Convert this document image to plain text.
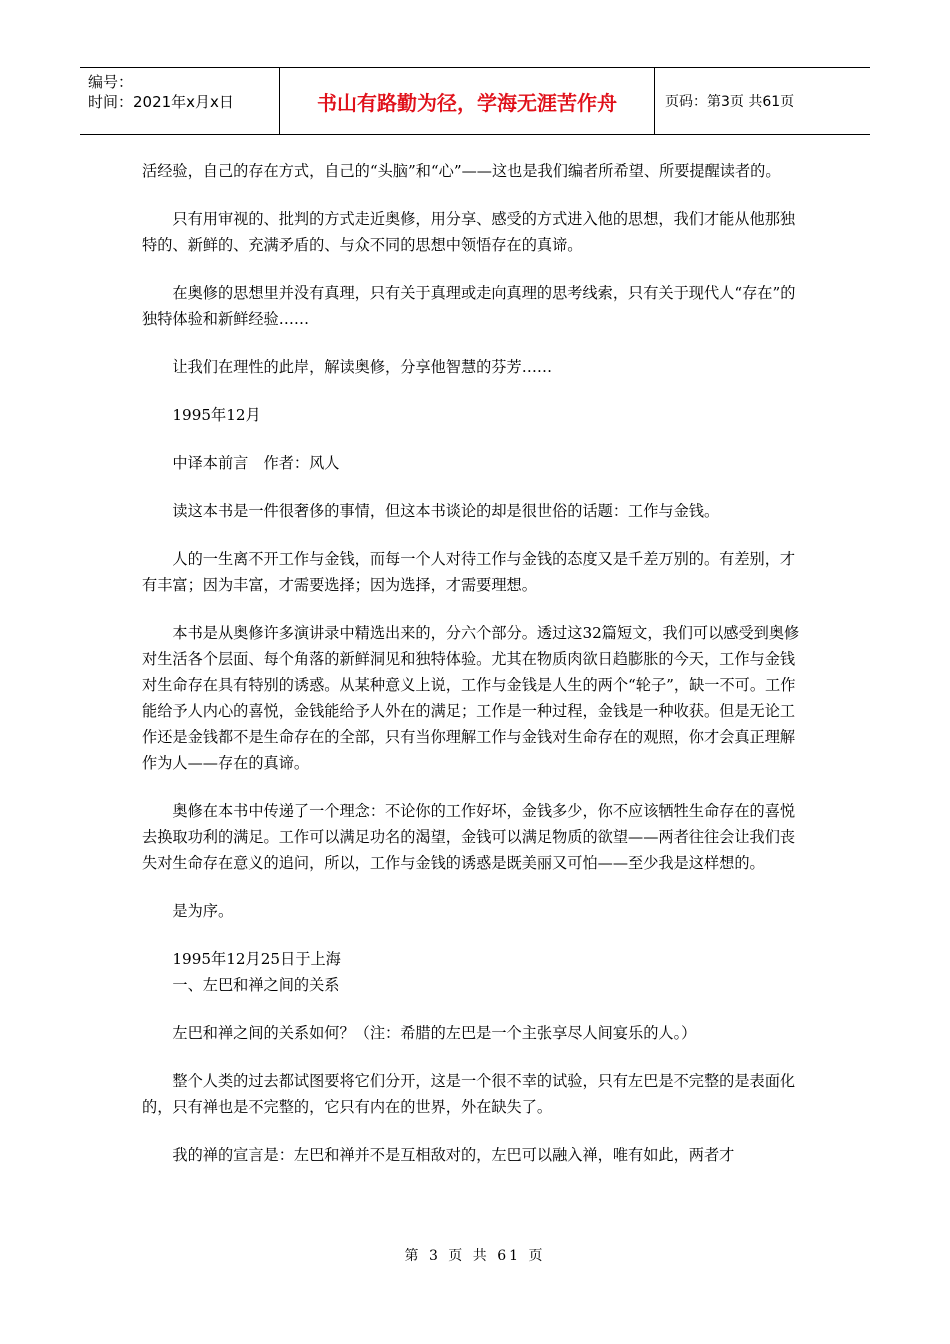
编号：
时间：2021年x月x日	书山有路勤为径，学海无涯苦作舟	页码：第3页 共61页

活经验，自己的存在方式，自己的“头脑”和“心”——这也是我们编者所希望、所要提醒读者的。

只有用审视的、批判的方式走近奥修，用分享、感受的方式进入他的思想，我们才能从他那独特的、新鲜的、充满矛盾的、与众不同的思想中领悟存在的真谛。

在奥修的思想里并没有真理，只有关于真理或走向真理的思考线索，只有关于现代人“存在”的独特体验和新鲜经验……

让我们在理性的此岸，解读奥修，分享他智慧的芬芳……

1995年12月

中译本前言　作者：风人

读这本书是一件很奢侈的事情，但这本书谈论的却是很世俗的话题：工作与金钱。

人的一生离不开工作与金钱，而每一个人对待工作与金钱的态度又是千差万别的。有差别，才有丰富；因为丰富，才需要选择；因为选择，才需要理想。

本书是从奥修许多演讲录中精选出来的，分六个部分。透过这32篇短文，我们可以感受到奥修对生活各个层面、每个角落的新鲜洞见和独特体验。尤其在物质肉欲日趋膨胀的今天，工作与金钱对生命存在具有特别的诱惑。从某种意义上说，工作与金钱是人生的两个“轮子”，缺一不可。工作能给予人内心的喜悦，金钱能给予人外在的满足；工作是一种过程，金钱是一种收获。但是无论工作还是金钱都不是生命存在的全部，只有当你理解工作与金钱对生命存在的观照，你才会真正理解作为人——存在的真谛。

奥修在本书中传递了一个理念：不论你的工作好坏，金钱多少，你不应该牺牲生命存在的喜悦去换取功利的满足。工作可以满足功名的渴望，金钱可以满足物质的欲望——两者往往会让我们丧失对生命存在意义的追问，所以，工作与金钱的诱惑是既美丽又可怕——至少我是这样想的。

是为序。

1995年12月25日于上海

一、左巴和禅之间的关系

左巴和禅之间的关系如何？（注：希腊的左巴是一个主张享尽人间宴乐的人。）

整个人类的过去都试图要将它们分开，这是一个很不幸的试验，只有左巴是不完整的是表面化的，只有禅也是不完整的，它只有内在的世界，外在缺失了。

我的禅的宣言是：左巴和禅并不是互相敌对的，左巴可以融入禅，唯有如此，两者才

第 3 页 共 61 页
